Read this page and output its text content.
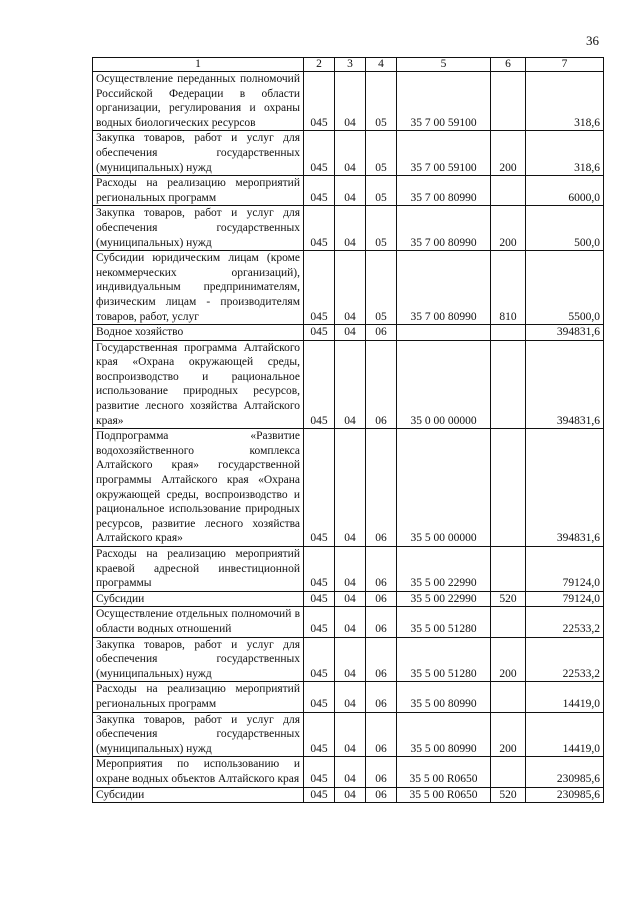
36
1	2	3	4	5	6	7
Осуществление переданных полномочий Российской Федерации в области организации, регулирования и охраны водных биологических ресурсов	045	04	05	35 7 00 59100		318,6
Закупка товаров, работ и услуг для обеспечения государственных (муниципальных) нужд	045	04	05	35 7 00 59100	200	318,6
Расходы на реализацию мероприятий региональных программ	045	04	05	35 7 00 80990		6000,0
Закупка товаров, работ и услуг для обеспечения государственных (муниципальных) нужд	045	04	05	35 7 00 80990	200	500,0
Субсидии юридическим лицам (кроме некоммерческих организаций), индивидуальным предпринимателям, физическим лицам - производителям товаров, работ, услуг	045	04	05	35 7 00 80990	810	5500,0
Водное хозяйство	045	04	06			394831,6
Государственная программа Алтайского края «Охрана окружающей среды, воспроизводство и рациональное использование природных ресурсов, развитие лесного хозяйства Алтайского края»	045	04	06	35 0 00 00000		394831,6
Подпрограмма «Развитие водохозяйственного комплекса Алтайского края» государственной программы Алтайского края «Охрана окружающей среды, воспроизводство и рациональное использование природных ресурсов, развитие лесного хозяйства Алтайского края»	045	04	06	35 5 00 00000		394831,6
Расходы на реализацию мероприятий краевой адресной инвестиционной программы	045	04	06	35 5 00 22990		79124,0
Субсидии	045	04	06	35 5 00 22990	520	79124,0
Осуществление отдельных полномочий в области водных отношений	045	04	06	35 5 00 51280		22533,2
Закупка товаров, работ и услуг для обеспечения государственных (муниципальных) нужд	045	04	06	35 5 00 51280	200	22533,2
Расходы на реализацию мероприятий региональных программ	045	04	06	35 5 00 80990		14419,0
Закупка товаров, работ и услуг для обеспечения государственных (муниципальных) нужд	045	04	06	35 5 00 80990	200	14419,0
Мероприятия по использованию и охране водных объектов Алтайского края	045	04	06	35 5 00 R0650		230985,6
Субсидии	045	04	06	35 5 00 R0650	520	230985,6
